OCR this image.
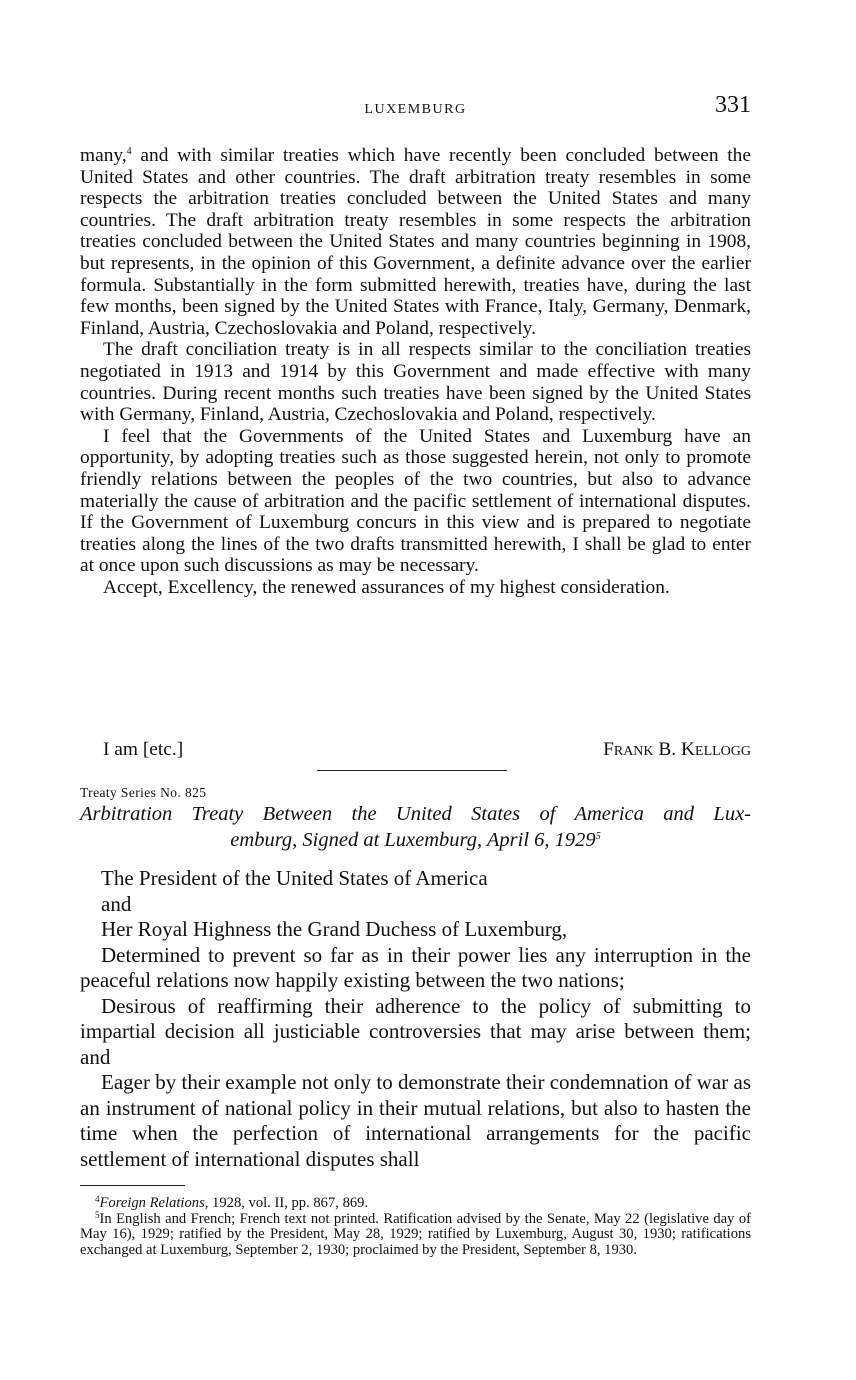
LUXEMBURG	331

many,$^4$ and with similar treaties which have recently been concluded between the United States and other countries. The draft arbitration treaty resembles in some respects the arbitration treaties concluded between the United States and many countries. The draft arbitration treaty resembles in some respects the arbitration treaties concluded between the United States and many countries beginning in 1908, but represents, in the opinion of this Government, a definite advance over the earlier formula. Substantially in the form submitted herewith, treaties have, during the last few months, been signed by the United States with France, Italy, Germany, Denmark, Finland, Austria, Czechoslovakia and Poland, respectively.

The draft conciliation treaty is in all respects similar to the conciliation treaties negotiated in 1913 and 1914 by this Government and made effective with many countries. During recent months such treaties have been signed by the United States with Germany, Finland, Austria, Czechoslovakia and Poland, respectively.

I feel that the Governments of the United States and Luxemburg have an opportunity, by adopting treaties such as those suggested herein, not only to promote friendly relations between the peoples of the two countries, but also to advance materially the cause of arbitration and the pacific settlement of international disputes. If the Government of Luxemburg concurs in this view and is prepared to negotiate treaties along the lines of the two drafts transmitted herewith, I shall be glad to enter at once upon such discussions as may be necessary.

Accept, Excellency, the renewed assurances of my highest consideration.

I am [etc.]	Frank B. Kellogg
Treaty Series No. 825
Arbitration Treaty Between the United States of America and Lux-
emburg, Signed at Luxemburg, April 6, 1929$^5$

The President of the United States of America

and

Her Royal Highness the Grand Duchess of Luxemburg,

Determined to prevent so far as in their power lies any interruption in the peaceful relations now happily existing between the two nations;

Desirous of reaffirming their adherence to the policy of submitting to impartial decision all justiciable controversies that may arise between them; and

Eager by their example not only to demonstrate their condemnation of war as an instrument of national policy in their mutual relations, but also to hasten the time when the perfection of international arrangements for the pacific settlement of international disputes shall

$^4$Foreign Relations, 1928, vol. II, pp. 867, 869.

$^5$In English and French; French text not printed. Ratification advised by the Senate, May 22 (legislative day of May 16), 1929; ratified by the President, May 28, 1929; ratified by Luxemburg, August 30, 1930; ratifications exchanged at Luxemburg, September 2, 1930; proclaimed by the President, September 8, 1930.
